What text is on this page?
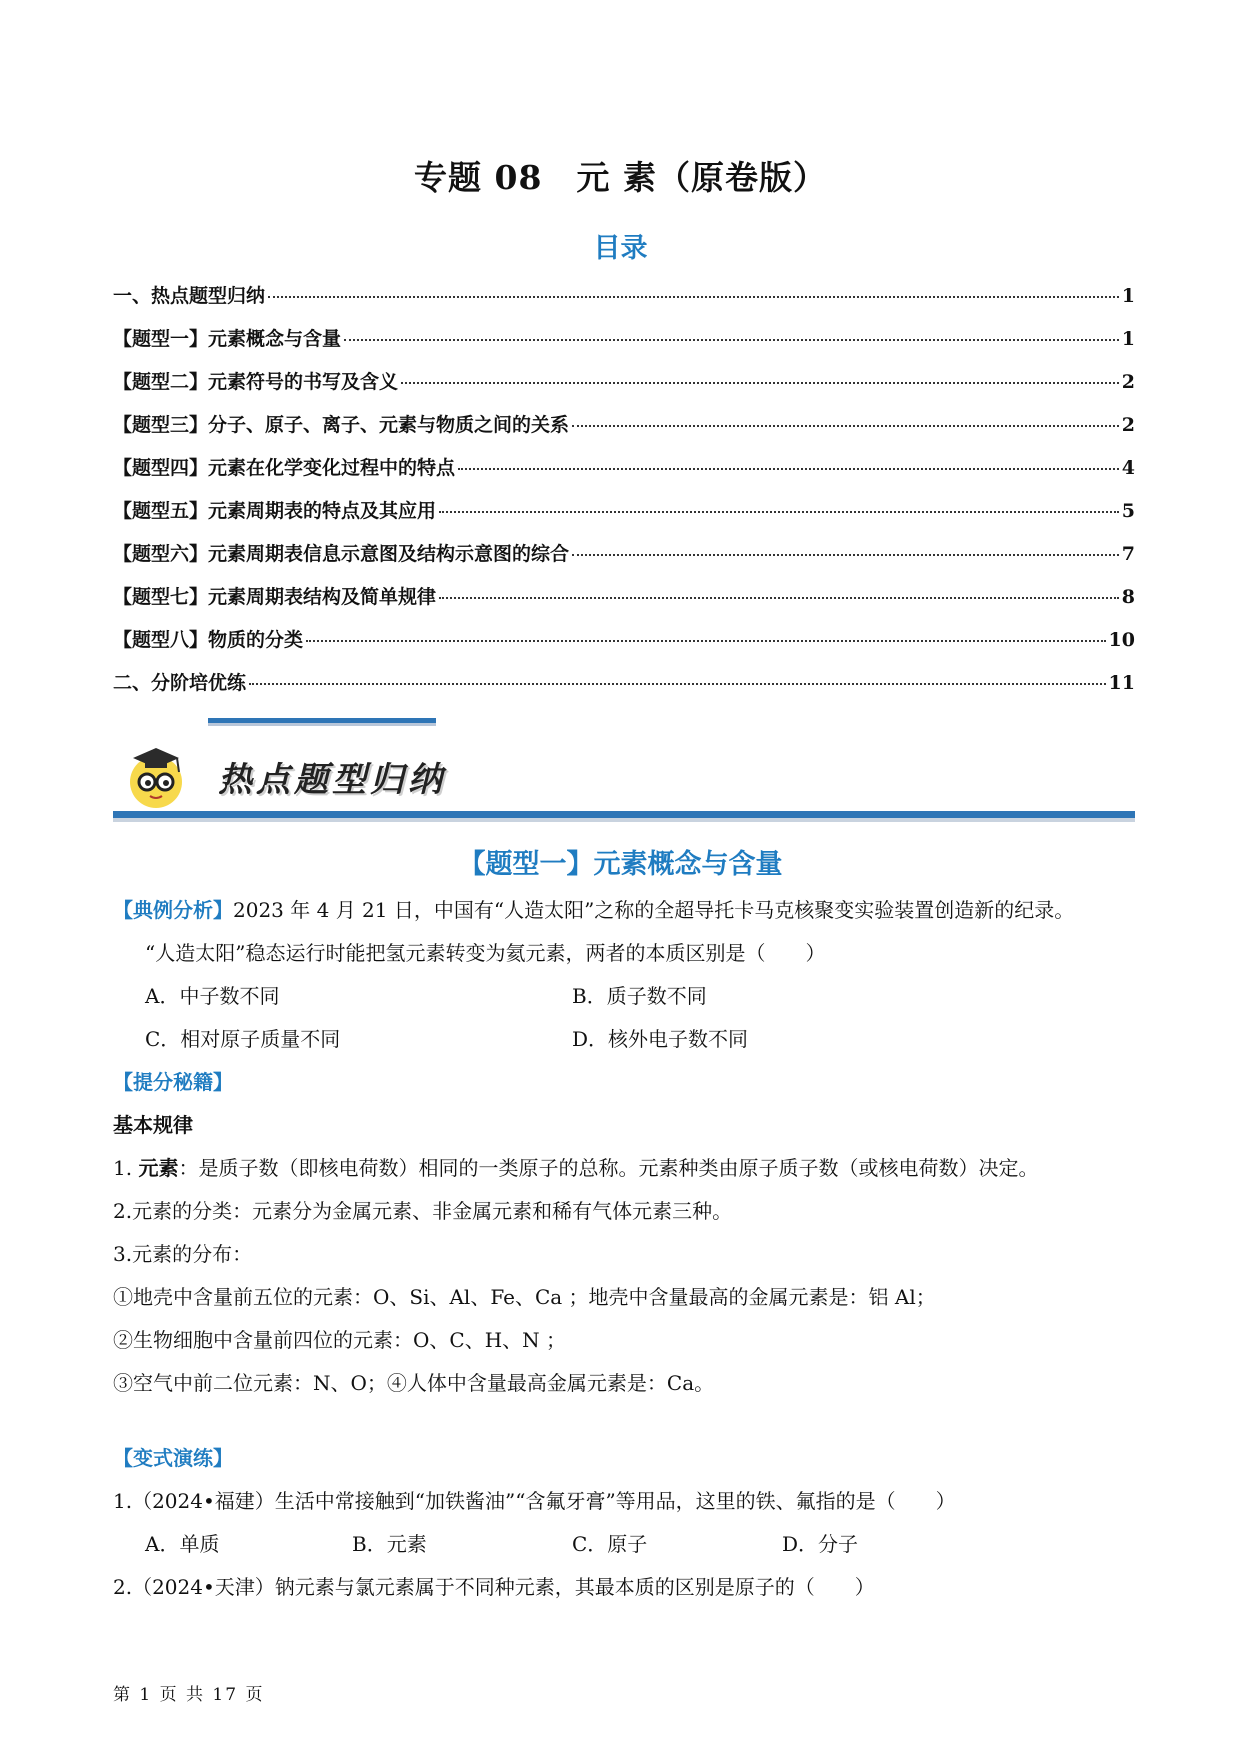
专题 08　元 素（原卷版）
目录
一、热点题型归纳	1
【题型一】元素概念与含量	1
【题型二】元素符号的书写及含义	2
【题型三】分子、原子、离子、元素与物质之间的关系	2
【题型四】元素在化学变化过程中的特点	4
【题型五】元素周期表的特点及其应用	5
【题型六】元素周期表信息示意图及结构示意图的综合	7
【题型七】元素周期表结构及简单规律	8
【题型八】物质的分类	10
二、分阶培优练	11
热点题型归纳
【题型一】元素概念与含量
【典例分析】2023 年 4 月 21 日，中国有“人造太阳”之称的全超导托卡马克核聚变实验装置创造新的纪录。
“人造太阳”稳态运行时能把氢元素转变为氦元素，两者的本质区别是（　　）
A．中子数不同	B．质子数不同
C．相对原子质量不同	D．核外电子数不同
【提分秘籍】
基本规律
1. 元素：是质子数（即核电荷数）相同的一类原子的总称。元素种类由原子质子数（或核电荷数）决定。
2.元素的分类：元素分为金属元素、非金属元素和稀有气体元素三种。
3.元素的分布：
①地壳中含量前五位的元素：O、Si、Al、Fe、Ca ；地壳中含量最高的金属元素是：铝 Al；
②生物细胞中含量前四位的元素：O、C、H、N ；
③空气中前二位元素：N、O；④人体中含量最高金属元素是：Ca。
【变式演练】
1.（2024•福建）生活中常接触到“加铁酱油”“含氟牙膏”等用品，这里的铁、氟指的是（　　）
A．单质	B．元素	C．原子	D．分子
2.（2024•天津）钠元素与氯元素属于不同种元素，其最本质的区别是原子的（　　）
第 1 页 共 17 页
